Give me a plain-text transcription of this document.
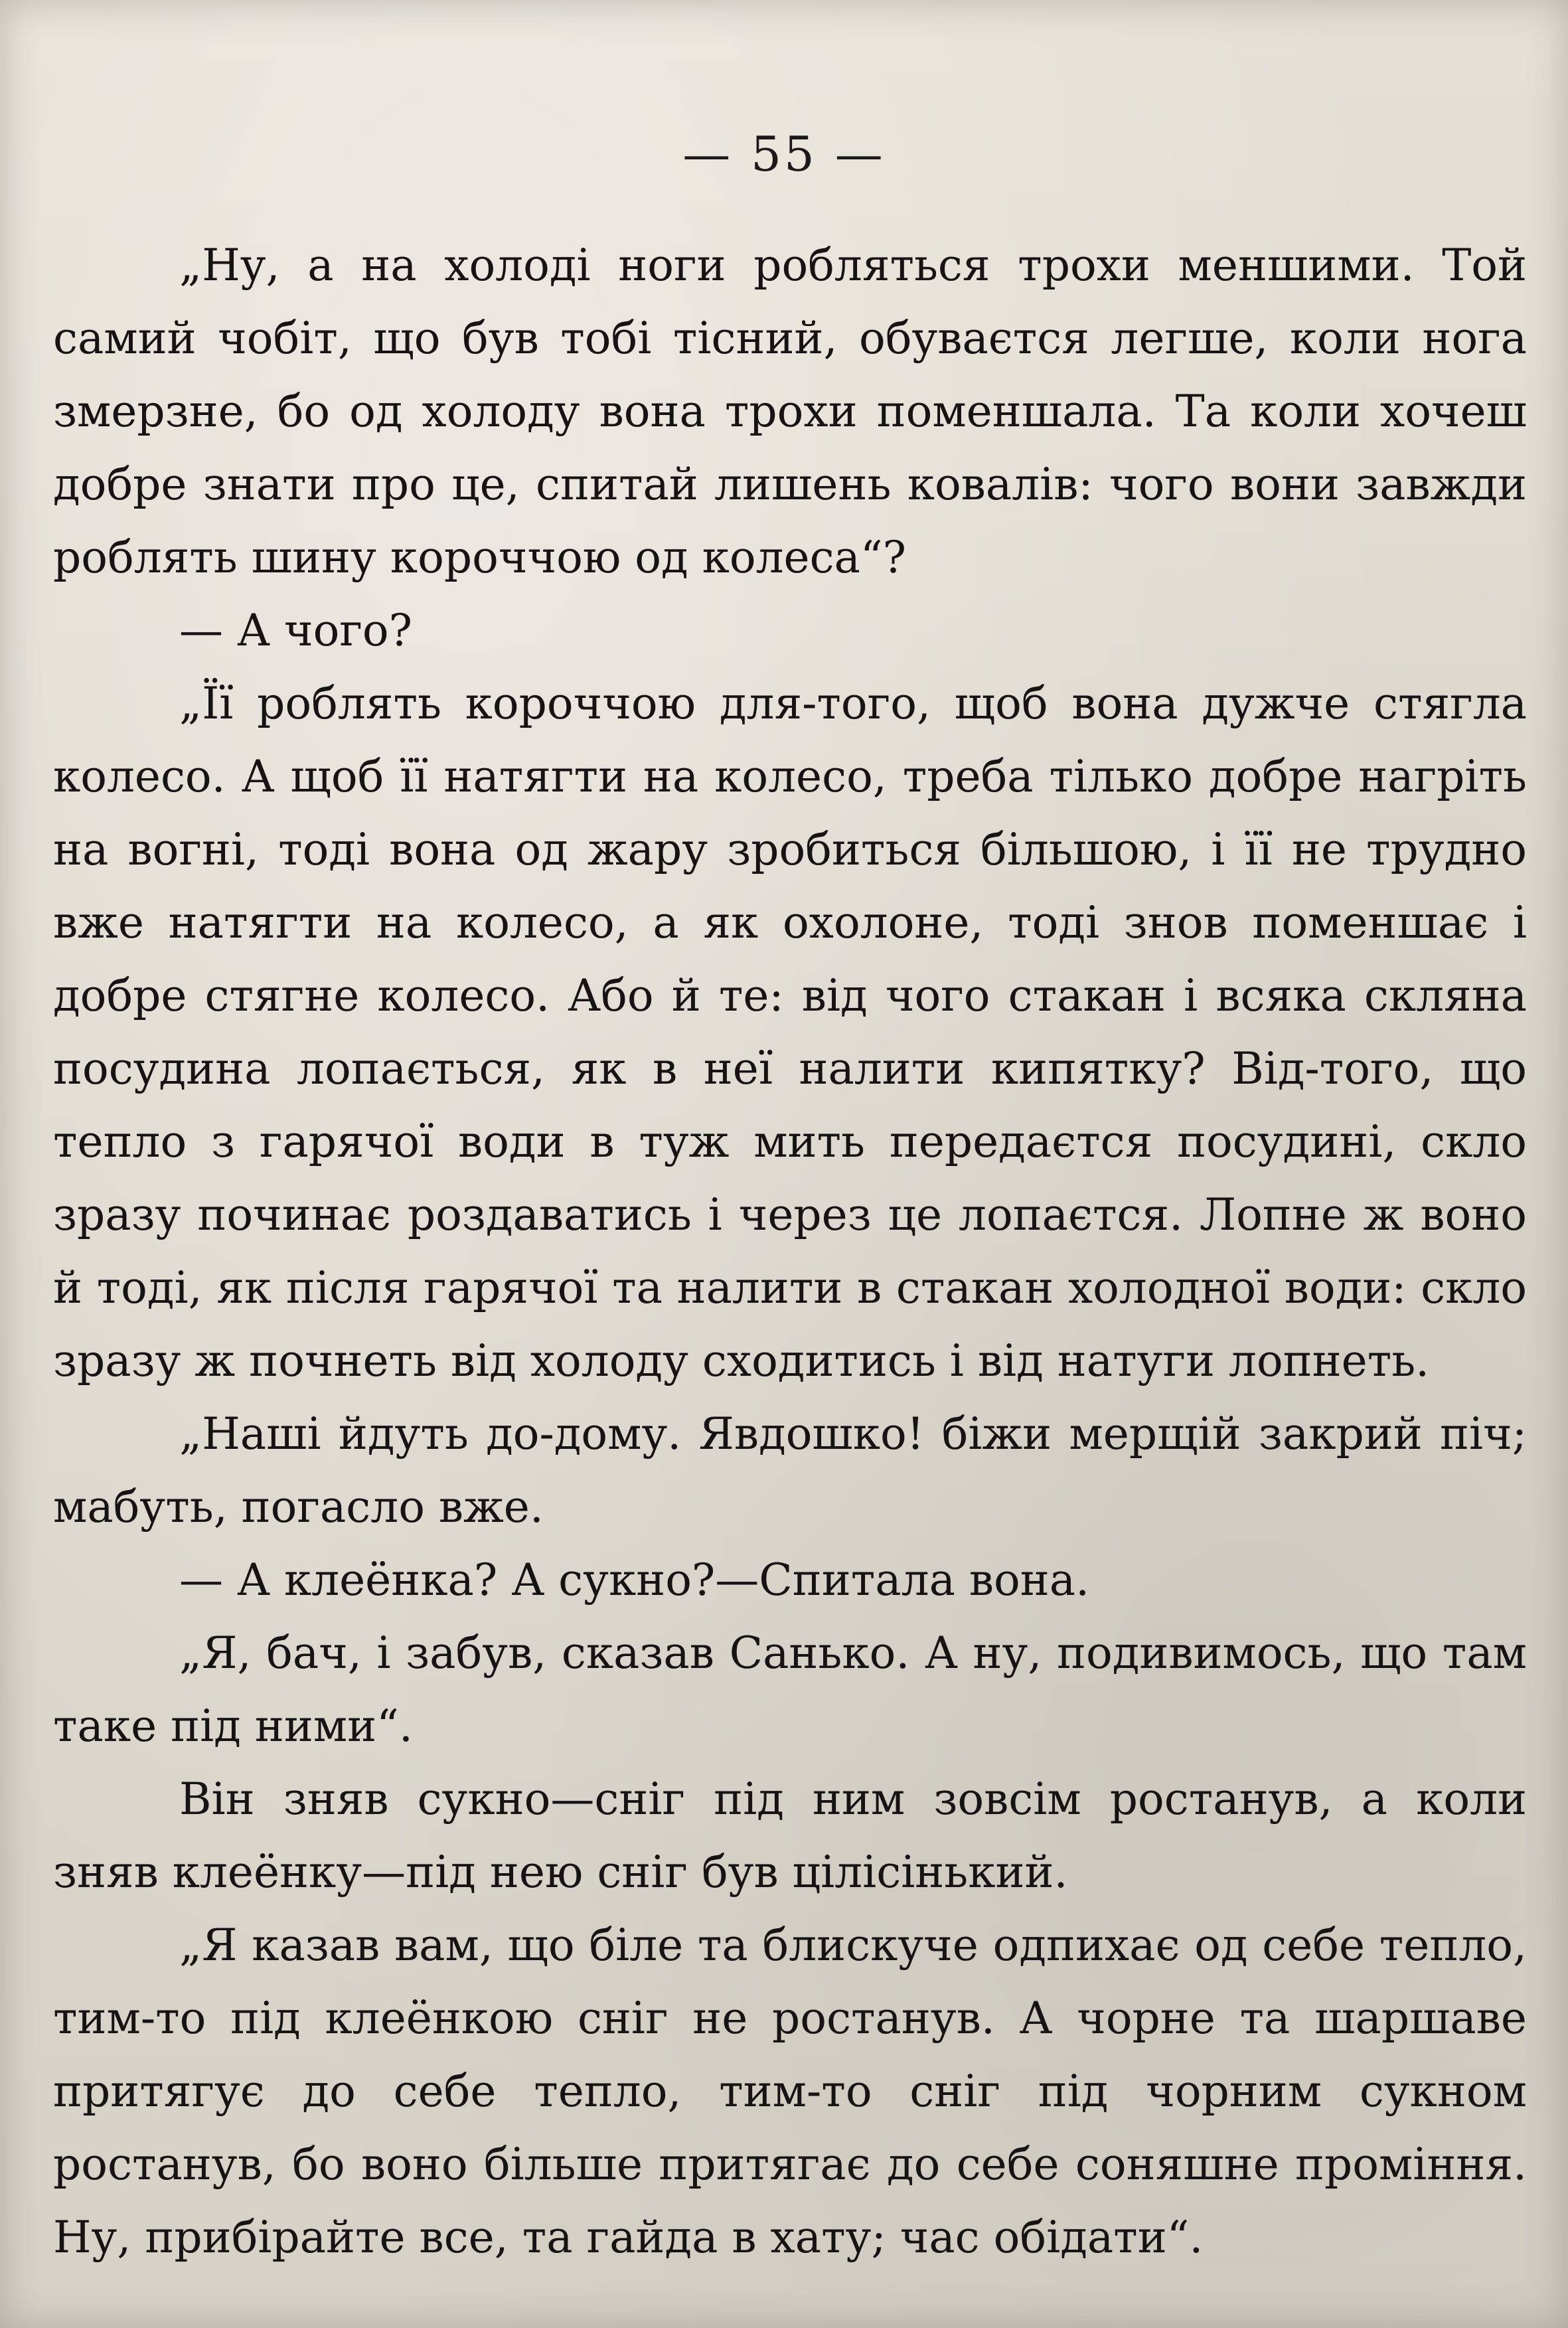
— 55 —

„Ну, а на холоді ноги робляться трохи меншими. Той самий чобіт, що був тобі тісний, обуваєтся легше, коли нога змерзне, бо од холоду вона трохи поменшала. Та коли хочеш добре знати про це, спитай лишень ковалів: чого вони завжди роблять шину короччою од колеса“?

— А чого?

„Її роблять короччою для-того, щоб вона дужче стягла колесо. А щоб її натягти на колесо, треба тілько добре нагріть на вогні, тоді вона од жару зробиться більшою, і її не трудно вже натягти на колесо, а як охолоне, тоді знов поменшає і добре стягне колесо. Або й те: від чого стакан і всяка скляна посудина лопається, як в неї налити кипятку? Від-того, що тепло з гарячої води в туж мить передаєтся посудині, скло зразу починає роздаватись і через це лопаєтся. Лопне ж воно й тоді, як після гарячої та налити в стакан холодної води: скло зразу ж почнеть від холоду сходитись і від натуги лопнеть.

„Наші йдуть до-дому. Явдошко! біжи мерщій закрий піч; мабуть, погасло вже.

— А клеёнка? А сукно?—Спитала вона.

„Я, бач, і забув, сказав Санько. А ну, подивимось, що там таке під ними“.

Він зняв сукно—сніг під ним зовсім ростанув, а коли зняв клеёнку—під нею сніг був цілісінький.

„Я казав вам, що біле та блискуче одпихає од себе тепло, тим-то під клеёнкою сніг не ростанув. А чорне та шаршаве притягує до себе тепло, тим-то сніг під чорним сукном ростанув, бо воно більше притягає до себе соняшне проміння. Ну, прибірайте все, та гайда в хату; час обідати“.
